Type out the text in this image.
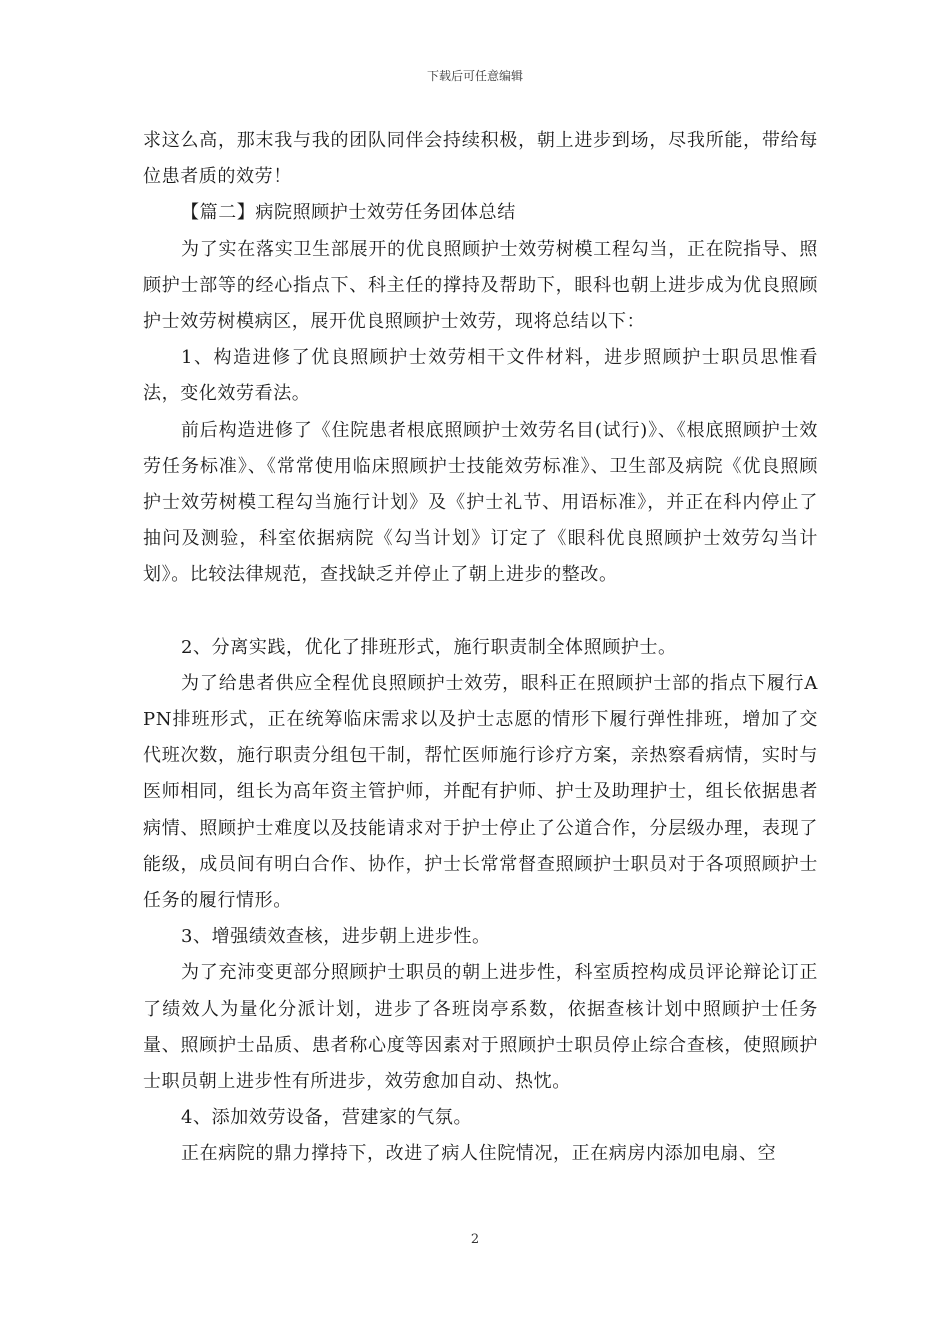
下载后可任意编辑

求这么高，那末我与我的团队同伴会持续积极，朝上进步到场，尽我所能，带给每位患者质的效劳！

【篇二】病院照顾护士效劳任务团体总结

为了实在落实卫生部展开的优良照顾护士效劳树模工程勾当，正在院指导、照顾护士部等的经心指点下、科主任的撑持及帮助下，眼科也朝上进步成为优良照顾护士效劳树模病区，展开优良照顾护士效劳，现将总结以下：

1、构造进修了优良照顾护士效劳相干文件材料，进步照顾护士职员思惟看法，变化效劳看法。

前后构造进修了《住院患者根底照顾护士效劳名目(试行)》、《根底照顾护士效劳任务标准》、《常常使用临床照顾护士技能效劳标准》、卫生部及病院《优良照顾护士效劳树模工程勾当施行计划》及《护士礼节、用语标准》，并正在科内停止了抽问及测验，科室依据病院《勾当计划》订定了《眼科优良照顾护士效劳勾当计划》。比较法律规范，查找缺乏并停止了朝上进步的整改。

2、分离实践，优化了排班形式，施行职责制全体照顾护士。

为了给患者供应全程优良照顾护士效劳，眼科正在照顾护士部的指点下履行APN排班形式，正在统筹临床需求以及护士志愿的情形下履行弹性排班，增加了交代班次数，施行职责分组包干制，帮忙医师施行诊疗方案，亲热察看病情，实时与医师相同，组长为高年资主管护师，并配有护师、护士及助理护士，组长依据患者病情、照顾护士难度以及技能请求对于护士停止了公道合作，分层级办理，表现了能级，成员间有明白合作、协作，护士长常常督查照顾护士职员对于各项照顾护士任务的履行情形。

3、增强绩效查核，进步朝上进步性。

为了充沛变更部分照顾护士职员的朝上进步性，科室质控构成员评论辩论订正了绩效人为量化分派计划，进步了各班岗亭系数，依据查核计划中照顾护士任务量、照顾护士品质、患者称心度等因素对于照顾护士职员停止综合查核，使照顾护士职员朝上进步性有所进步，效劳愈加自动、热忱。

4、添加效劳设备，营建家的气氛。

正在病院的鼎力撑持下，改进了病人住院情况，正在病房内添加电扇、空

2
